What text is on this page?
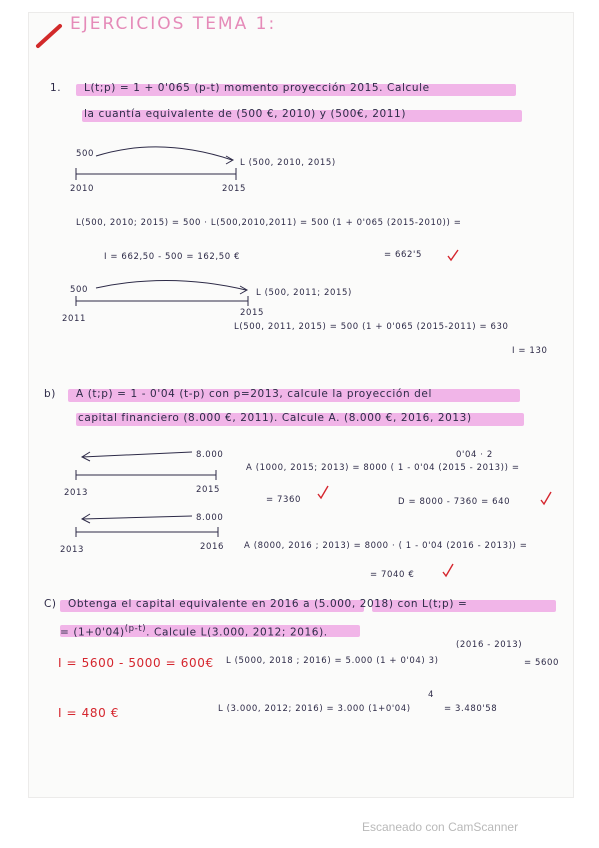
EJERCICIOS TEMA 1:
1. L(t;p) = 1 + 0'065 (p-t) momento proyección 2015. Calcule
la cuantía equivalente de (500 €, 2010) y (500€, 2011)
500
L (500, 2010, 2015)
2010	2015
L(500, 2010; 2015) = 500 · L(500,2010,2011) = 500 (1 + 0'065 (2015-2010)) =
I = 662,50 - 500 = 162,50 €	= 662'5
500	L (500, 2011; 2015)
2011
2015
L(500, 2011, 2015) = 500 (1 + 0'065 (2015-2011) = 630
I = 130
b) A (t;p) = 1 - 0'04 (t-p) con p=2013, calcule la proyección del
capital financiero (8.000 €, 2011). Calcule A. (8.000 €, 2016, 2013)
8.000
2013	2015
0'04 · 2
A (1000, 2015; 2013) = 8000 ( 1 - 0'04 (2015 - 2013)) =
= 7360	D = 8000 - 7360 = 640
8.000
2013	2016 A (8000, 2016 ; 2013) = 8000 · ( 1 - 0'04 (2016 - 2013)) =
= 7040 €
C) Obtenga el capital equivalente en 2016 a (5.000, 2018) con L(t;p) =
= $(1+0'04)^{(p-t)}$. Calcule L(3.000, 2012; 2016).
I = 5600 - 5000 = 600€
(2016 - 2013)
L (5000, 2018 ; 2016) = 5.000 (1 + 0'04) 3)	= 5600
I = 480 €	L (3.000, 2012; 2016) = 3.000 (1+0'04)
4
= 3.480'58
Escaneado con CamScanner
